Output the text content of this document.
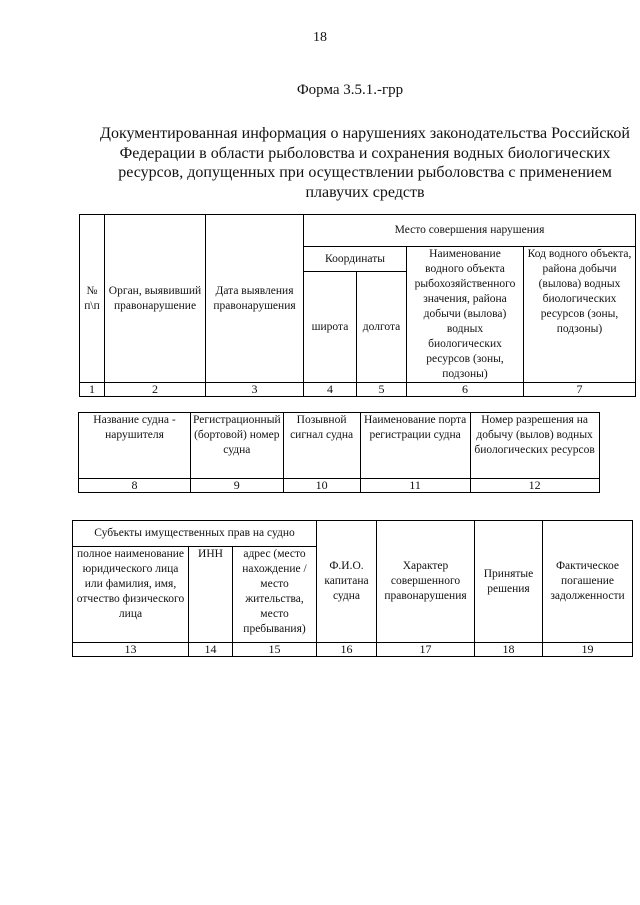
18
Форма 3.5.1.-грр
Документированная информация о нарушениях законодательства Российской Федерации в области рыболовства и сохранения водных биологических ресурсов, допущенных при осуществлении рыболовства с применением плавучих средств
№ п\п	Орган, выявивший правонарушение	Дата выявления правонарушения	Место совершения нарушения			
			Координаты		Наименование водного объекта рыбохозяйственного значения, района добычи (вылова) водных биологических ресурсов (зоны, подзоны)	Код водного объекта, района добычи (вылова) водных биологических ресурсов (зоны, подзоны)
			широта	долгота		
1	2	3	4	5	6	7
Название судна - нарушителя	Регистрационный (бортовой) номер судна	Позывной сигнал судна	Наименование порта регистрации судна	Номер разрешения на добычу (вылов) водных биологических ресурсов
8	9	10	11	12
Субъекты имущественных прав на судно			Ф.И.О. капитана судна	Характер совершенного правонарушения	Принятые решения	Фактическое погашение задолженности
полное наименование юридического лица или фамилия, имя, отчество физического лица	ИНН	адрес (место нахождение / место жительства, место пребывания)				
13	14	15	16	17	18	19
